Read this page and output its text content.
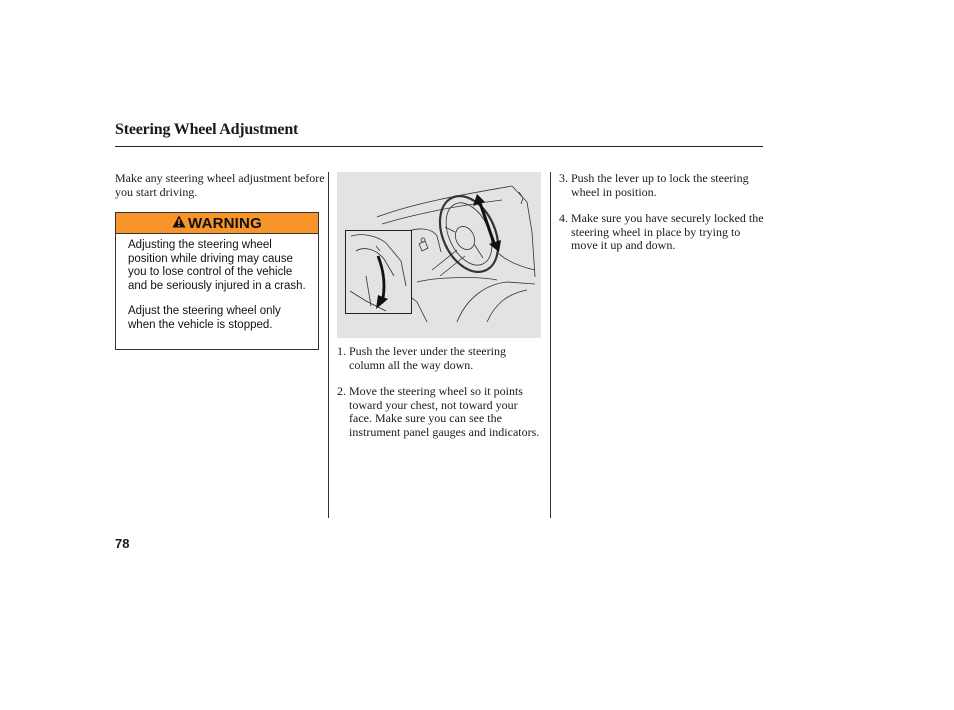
Steering Wheel Adjustment
Make any steering wheel adjustment before you start driving.
WARNING

Adjusting the steering wheel position while driving may cause you to lose control of the vehicle and be seriously injured in a crash.

Adjust the steering wheel only when the vehicle is stopped.

1. Push the lever under the steering column all the way down.
2. Move the steering wheel so it points toward your chest, not toward your face. Make sure you can see the instrument panel gauges and indicators.
3. Push the lever up to lock the steering wheel in position.
4. Make sure you have securely locked the steering wheel in place by trying to move it up and down.
78
